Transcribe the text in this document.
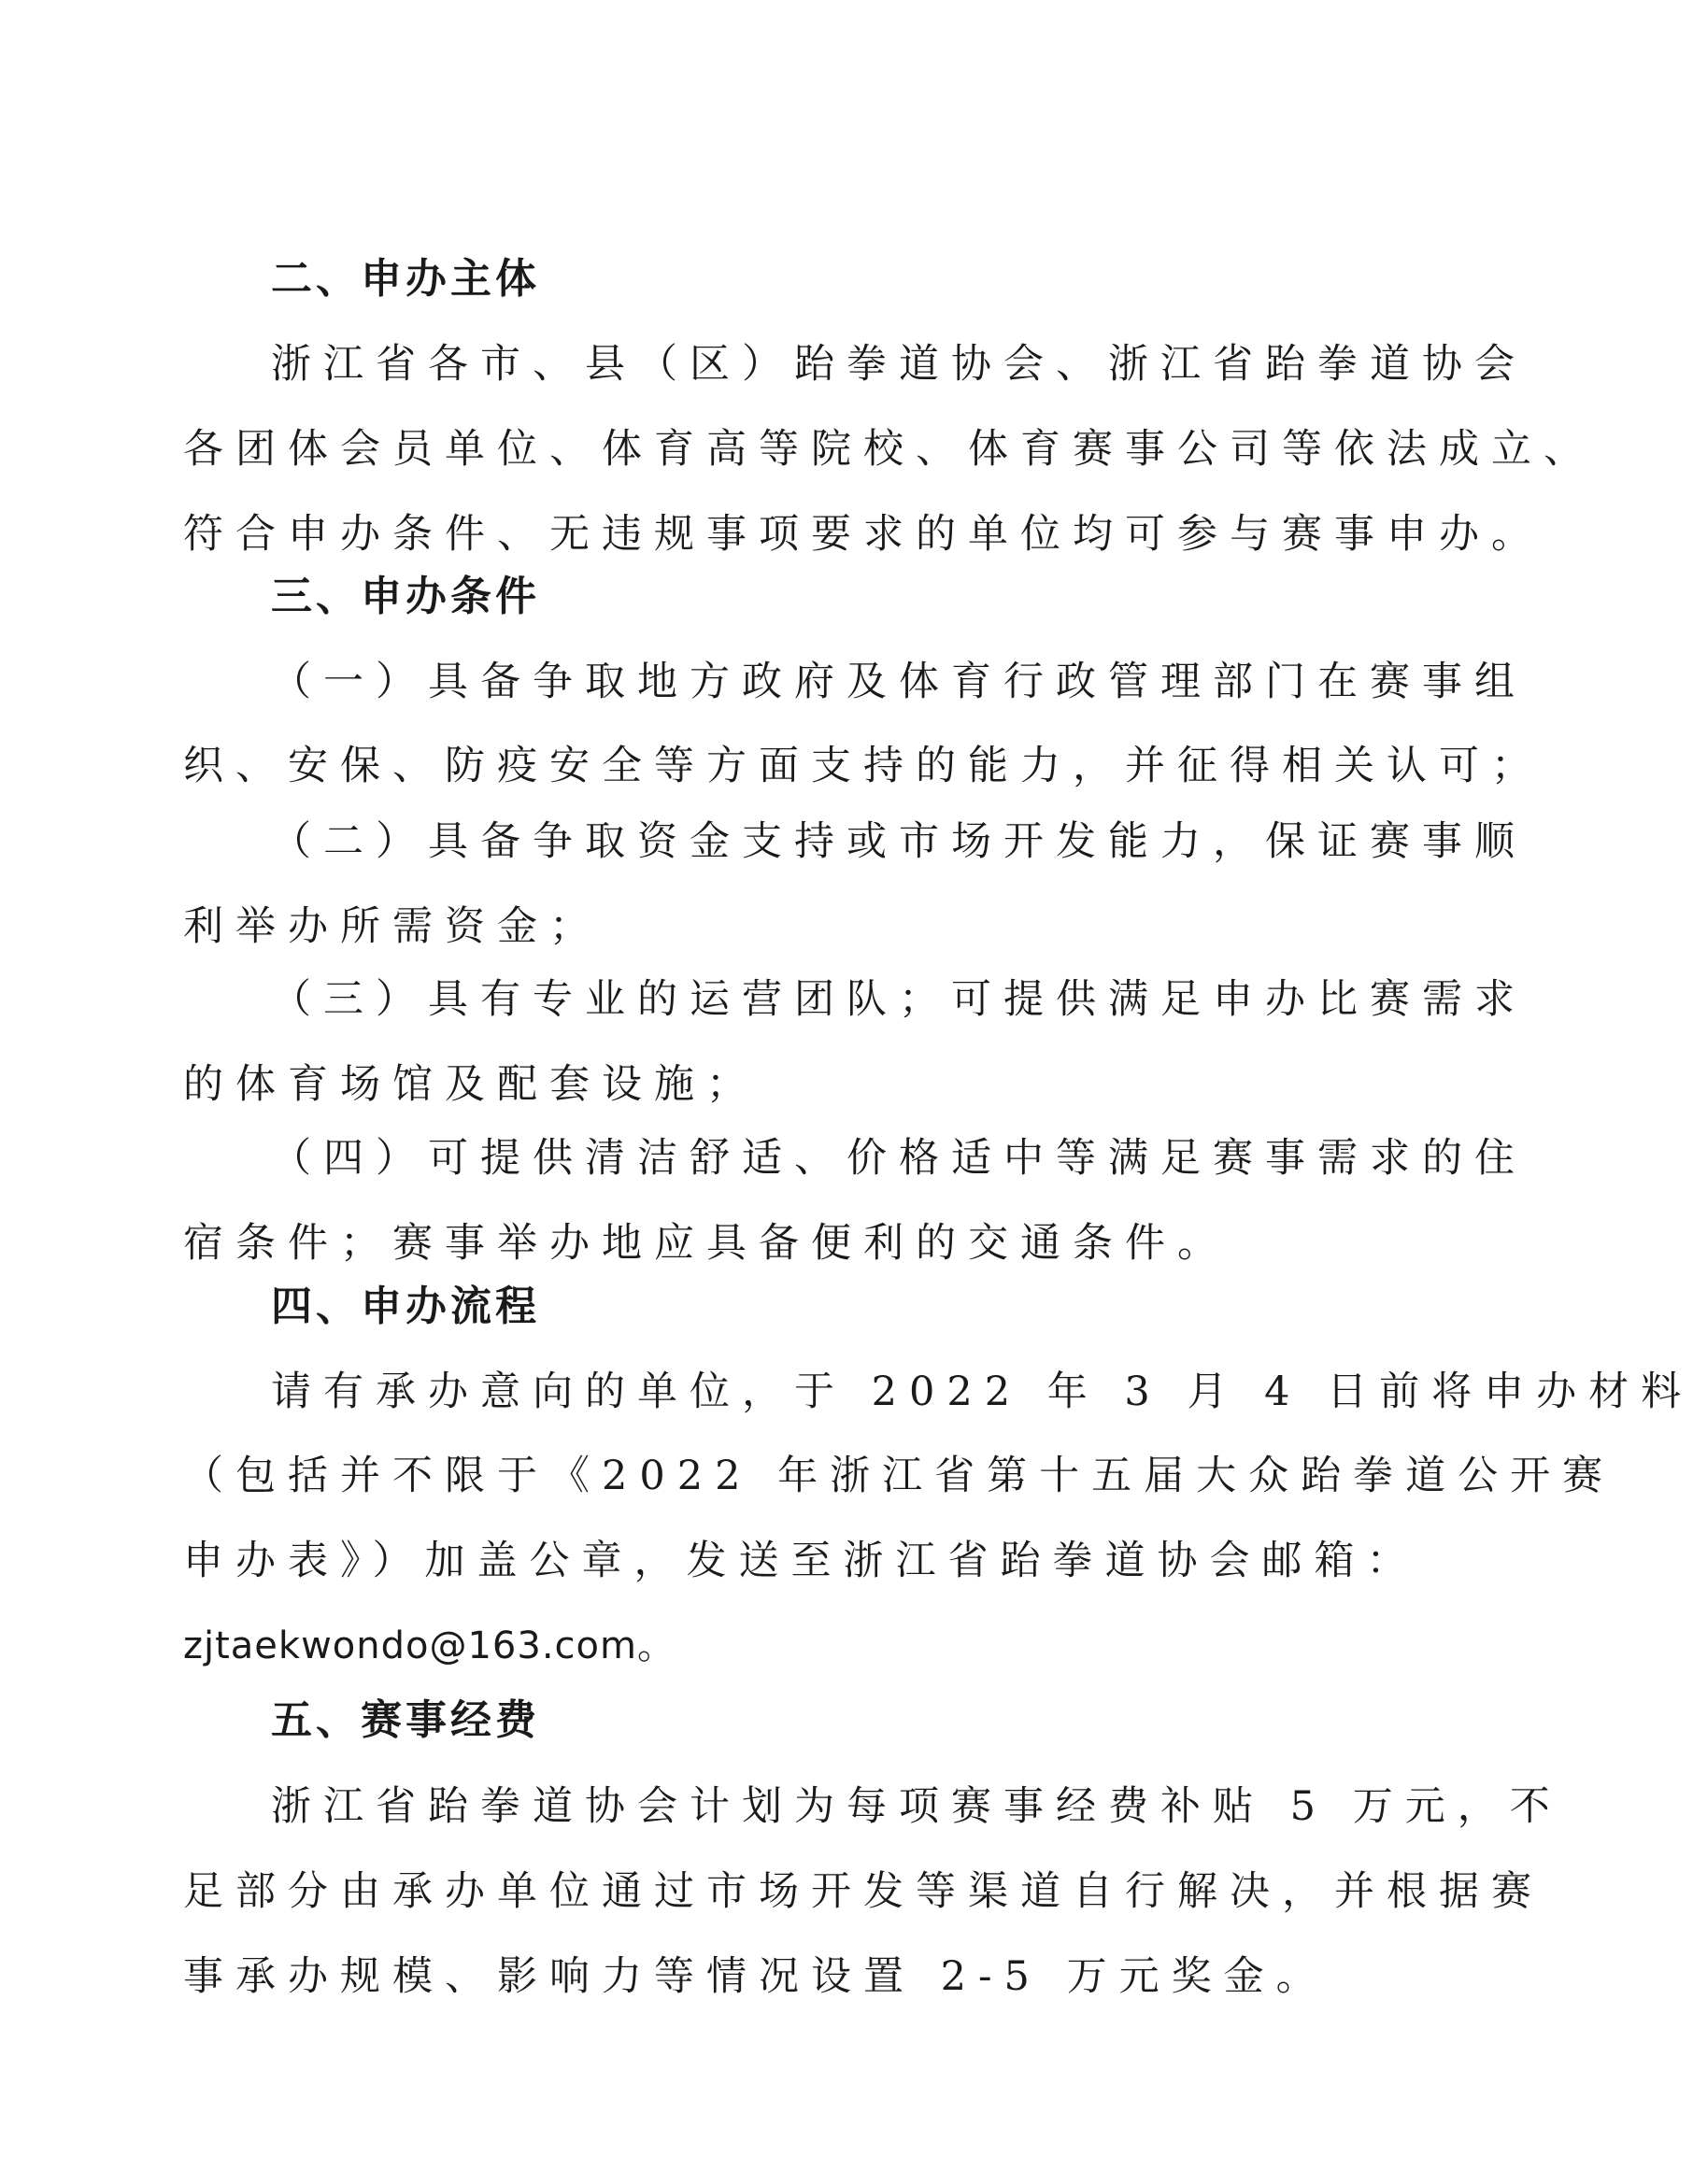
二、申办主体
浙江省各市、县（区）跆拳道协会、浙江省跆拳道协会
各团体会员单位、体育高等院校、体育赛事公司等依法成立、
符合申办条件、无违规事项要求的单位均可参与赛事申办。
三、申办条件
（一）具备争取地方政府及体育行政管理部门在赛事组
织、安保、防疫安全等方面支持的能力，并征得相关认可；
（二）具备争取资金支持或市场开发能力，保证赛事顺
利举办所需资金；
（三）具有专业的运营团队；可提供满足申办比赛需求
的体育场馆及配套设施；
（四）可提供清洁舒适、价格适中等满足赛事需求的住
宿条件；赛事举办地应具备便利的交通条件。
四、申办流程
请有承办意向的单位，于 2022 年 3 月 4 日前将申办材料
（包括并不限于《2022 年浙江省第十五届大众跆拳道公开赛
申办表》）加盖公章，发送至浙江省跆拳道协会邮箱：
zjtaekwondo@163.com。
五、赛事经费
浙江省跆拳道协会计划为每项赛事经费补贴 5 万元，不
足部分由承办单位通过市场开发等渠道自行解决，并根据赛
事承办规模、影响力等情况设置 2-5 万元奖金。
